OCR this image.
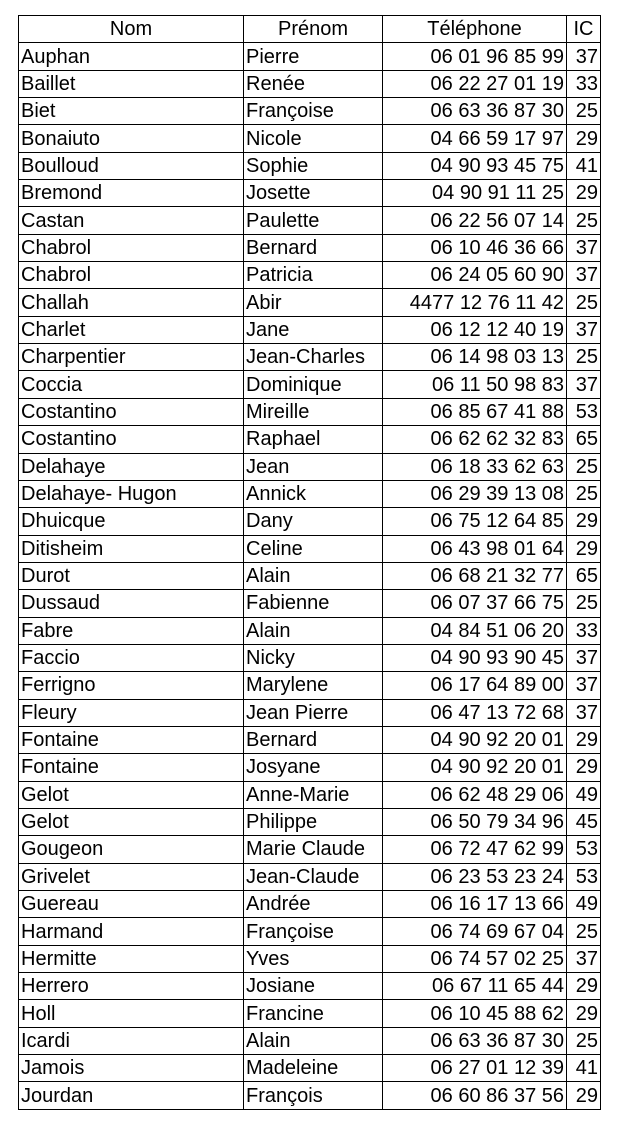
Nom	Prénom	Téléphone	IC
Auphan	Pierre	06 01 96 85 99	37
Baillet	Renée	06 22 27 01 19	33
Biet	Françoise	06 63 36 87 30	25
Bonaiuto	Nicole	04 66 59 17 97	29
Boulloud	Sophie	04 90 93 45 75	41
Bremond	Josette	04 90 91 11 25	29
Castan	Paulette	06 22 56 07 14	25
Chabrol	Bernard	06 10 46 36 66	37
Chabrol	Patricia	06 24 05 60 90	37
Challah	Abir	4477 12 76 11 42	25
Charlet	Jane	06 12 12 40 19	37
Charpentier	Jean-Charles	06 14 98 03 13	25
Coccia	Dominique	06 11 50 98 83	37
Costantino	Mireille	06 85 67 41 88	53
Costantino	Raphael	06 62 62 32 83	65
Delahaye	Jean	06 18 33 62 63	25
Delahaye- Hugon	Annick	06 29 39 13 08	25
Dhuicque	Dany	06 75 12 64 85	29
Ditisheim	Celine	06 43 98 01 64	29
Durot	Alain	06 68 21 32 77	65
Dussaud	Fabienne	06 07 37 66 75	25
Fabre	Alain	04 84 51 06 20	33
Faccio	Nicky	04 90 93 90 45	37
Ferrigno	Marylene	06 17 64 89 00	37
Fleury	Jean Pierre	06 47 13 72 68	37
Fontaine	Bernard	04 90 92 20 01	29
Fontaine	Josyane	04 90 92 20 01	29
Gelot	Anne-Marie	06 62 48 29 06	49
Gelot	Philippe	06 50 79 34 96	45
Gougeon	Marie Claude	06 72 47 62 99	53
Grivelet	Jean-Claude	06 23 53 23 24	53
Guereau	Andrée	06 16 17 13 66	49
Harmand	Françoise	06 74 69 67 04	25
Hermitte	Yves	06 74 57 02 25	37
Herrero	Josiane	06 67 11 65 44	29
Holl	Francine	06 10 45 88 62	29
Icardi	Alain	06 63 36 87 30	25
Jamois	Madeleine	06 27 01 12 39	41
Jourdan	François	06 60 86 37 56	29
